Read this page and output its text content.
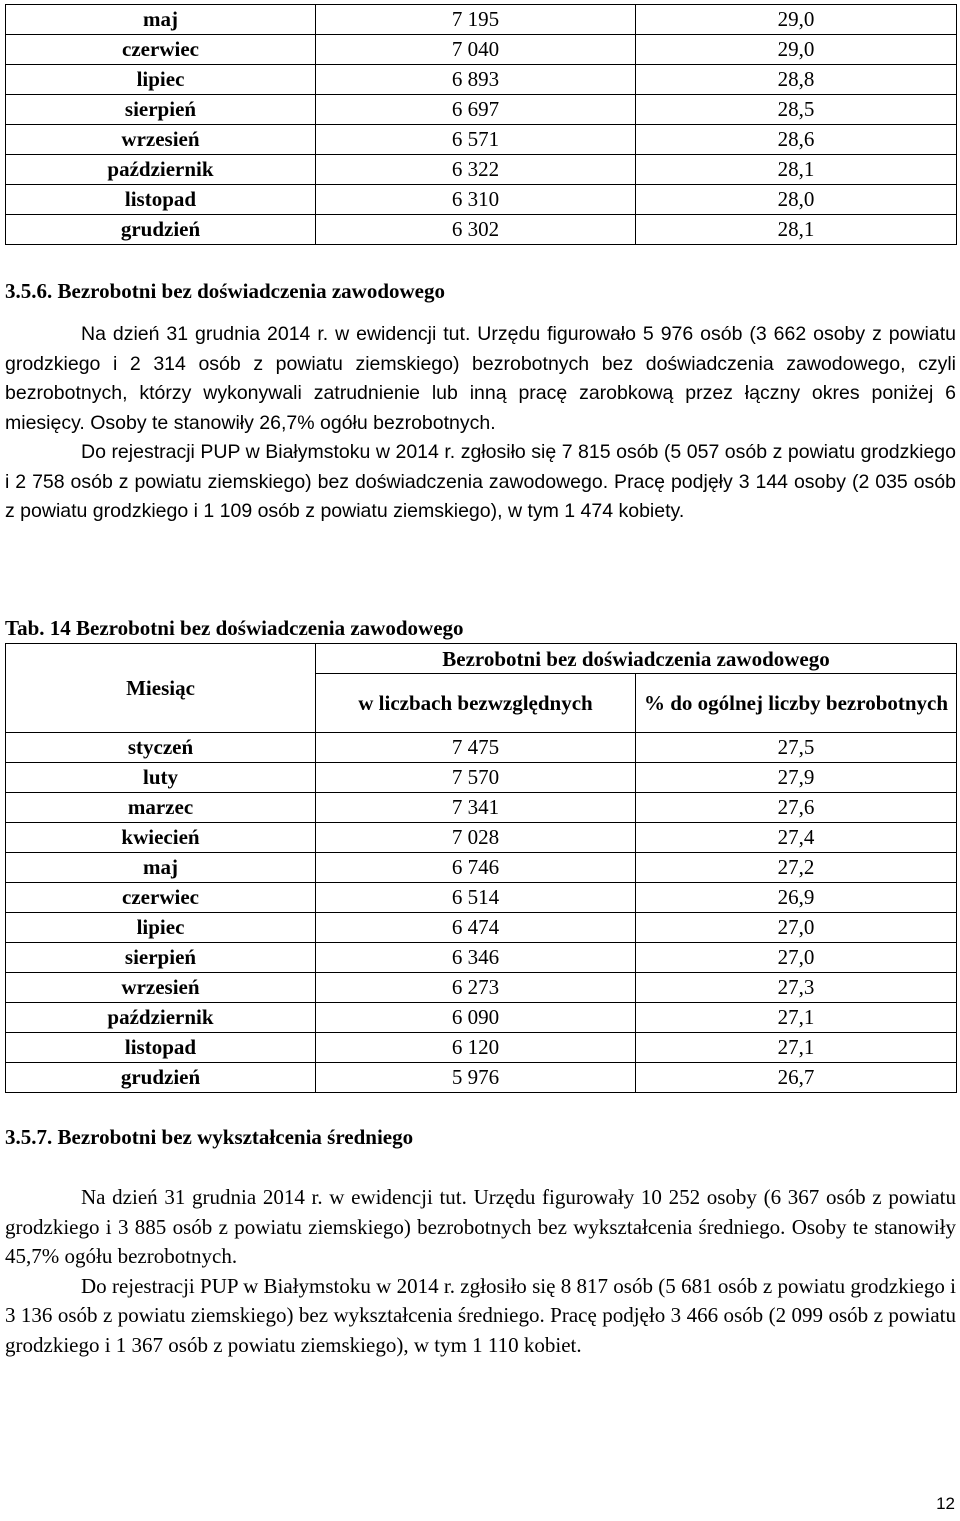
maj	7 195	29,0
czerwiec	7 040	29,0
lipiec	6 893	28,8
sierpień	6 697	28,5
wrzesień	6 571	28,6
październik	6 322	28,1
listopad	6 310	28,0
grudzień	6 302	28,1
3.5.6. Bezrobotni bez doświadczenia zawodowego

Na dzień 31 grudnia 2014 r. w ewidencji tut. Urzędu figurowało 5 976 osób (3 662 osoby z powiatu grodzkiego i 2 314 osób z powiatu ziemskiego) bezrobotnych bez doświadczenia zawodowego, czyli bezrobotnych, którzy wykonywali zatrudnienie lub inną pracę zarobkową przez łączny okres poniżej 6 miesięcy. Osoby te stanowiły 26,7% ogółu bezrobotnych.

Do rejestracji PUP w Białymstoku w 2014 r. zgłosiło się 7 815 osób (5 057 osób z powiatu grodzkiego i 2 758 osób z powiatu ziemskiego) bez doświadczenia zawodowego. Pracę podjęły 3 144 osoby (2 035 osób z powiatu grodzkiego i 1 109 osób z powiatu ziemskiego), w tym 1 474 kobiety.

Tab. 14 Bezrobotni bez doświadczenia zawodowego
Miesiąc	Bezrobotni bez doświadczenia zawodowego	
	w liczbach bezwzględnych	% do ogólnej liczby bezrobotnych
styczeń	7 475	27,5
luty	7 570	27,9
marzec	7 341	27,6
kwiecień	7 028	27,4
maj	6 746	27,2
czerwiec	6 514	26,9
lipiec	6 474	27,0
sierpień	6 346	27,0
wrzesień	6 273	27,3
październik	6 090	27,1
listopad	6 120	27,1
grudzień	5 976	26,7
3.5.7. Bezrobotni bez wykształcenia średniego

Na dzień 31 grudnia 2014 r. w ewidencji tut. Urzędu figurowały 10 252 osoby (6 367 osób z powiatu grodzkiego i 3 885 osób z powiatu ziemskiego) bezrobotnych bez wykształcenia średniego. Osoby te stanowiły 45,7% ogółu bezrobotnych.

Do rejestracji PUP w Białymstoku w 2014 r. zgłosiło się 8 817 osób (5 681 osób z powiatu grodzkiego i 3 136 osób z powiatu ziemskiego) bez wykształcenia średniego. Pracę podjęło 3 466 osób (2 099 osób z powiatu grodzkiego i 1 367 osób z powiatu ziemskiego), w tym 1 110 kobiet.

12
